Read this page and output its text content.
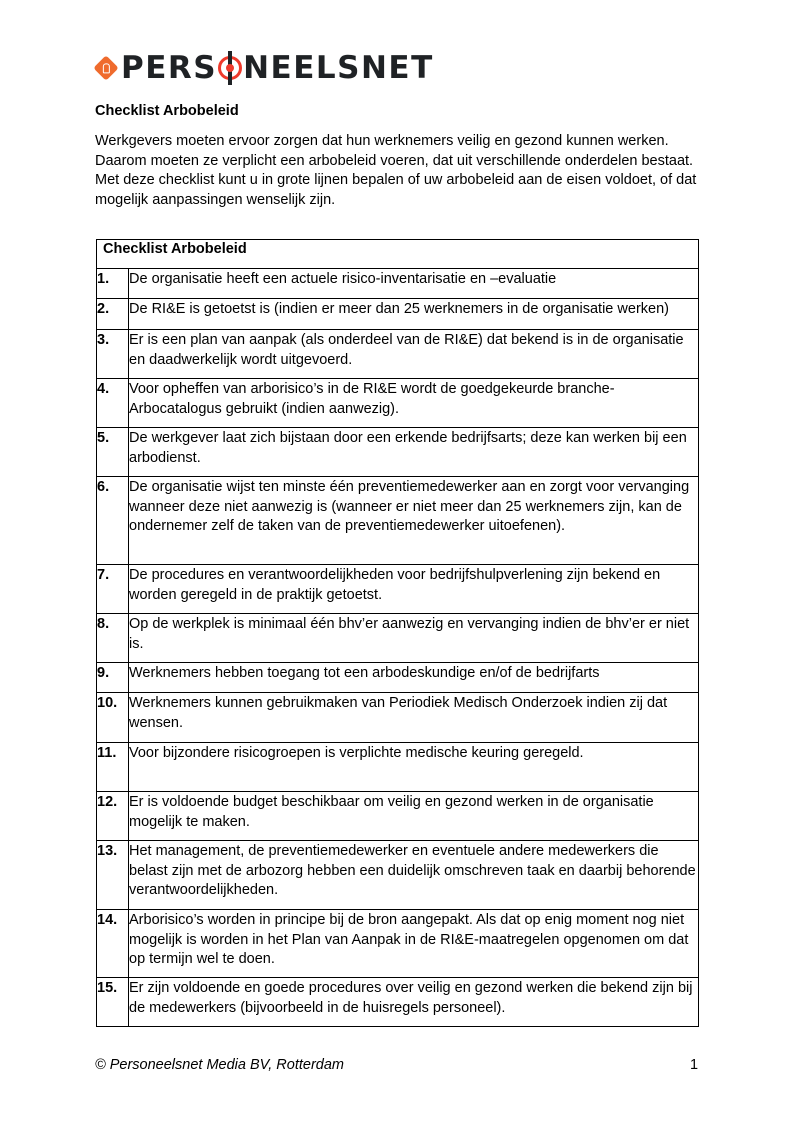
PERS NEELSNET
Checklist Arbobeleid
Werkgevers moeten ervoor zorgen dat hun werknemers veilig en gezond kunnen werken. Daarom moeten ze verplicht een arbobeleid voeren, dat uit verschillende onderdelen bestaat. Met deze checklist kunt u in grote lijnen bepalen of uw arbobeleid aan de eisen voldoet, of dat mogelijk aanpassingen wenselijk zijn.
Checklist Arbobeleid	

1.	De organisatie heeft een actuele risico-inventarisatie en –evaluatie

2.	De RI&E is getoetst is (indien er meer dan 25 werknemers in de organisatie werken)

3.	Er is een plan van aanpak (als onderdeel van de RI&E) dat bekend is in de organisatie en daadwerkelijk wordt uitgevoerd.

4.	Voor opheffen van arborisico’s in de RI&E wordt de goedgekeurde branche-Arbocatalogus gebruikt (indien aanwezig).

5.	De werkgever laat zich bijstaan door een erkende bedrijfsarts; deze kan werken bij een arbodienst.

6.	De organisatie wijst ten minste één preventiemedewerker aan en zorgt voor vervanging wanneer deze niet aanwezig is (wanneer er niet meer dan 25 werknemers zijn, kan de ondernemer zelf de taken van de preventiemedewerker uitoefenen).

7.	De procedures en verantwoordelijkheden voor bedrijfshulpverlening zijn bekend en worden geregeld in de praktijk getoetst.

8.	Op de werkplek is minimaal één bhv’er aanwezig en vervanging indien de bhv’er er niet is.

9.	Werknemers hebben toegang tot een arbodeskundige en/of de bedrijfarts

10.	Werknemers kunnen gebruikmaken van Periodiek Medisch Onderzoek indien zij dat wensen.

11.	Voor bijzondere risicogroepen is verplichte medische keuring geregeld.

12.	Er is voldoende budget beschikbaar om veilig en gezond werken in de organisatie mogelijk te maken.

13.	Het management, de preventiemedewerker en eventuele andere medewerkers die belast zijn met de arbozorg hebben een duidelijk omschreven taak en daarbij behorende verantwoordelijkheden.

14.	Arborisico’s worden in principe bij de bron aangepakt. Als dat op enig moment nog niet mogelijk is worden in het Plan van Aanpak in de RI&E-maatregelen opgenomen om dat op termijn wel te doen.

15.	Er zijn voldoende en goede procedures over veilig en gezond werken die bekend zijn bij de medewerkers (bijvoorbeeld in de huisregels personeel).
© Personeelsnet Media BV, Rotterdam	1
